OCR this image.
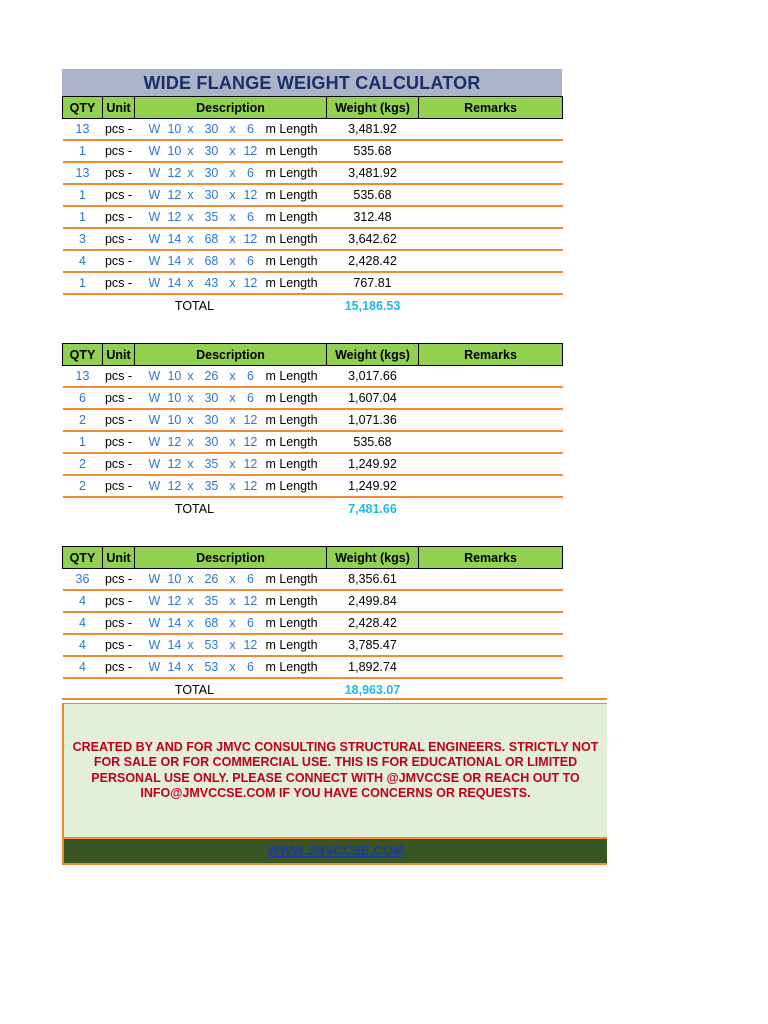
WIDE FLANGE WEIGHT CALCULATOR
QTY	Unit	Description	Weight (kgs)	Remarks
13	pcs -	W 10 x 30 x 6 m Length	3,481.92	
1	pcs -	W 10 x 30 x 12 m Length	535.68	
13	pcs -	W 12 x 30 x 6 m Length	3,481.92	
1	pcs -	W 12 x 30 x 12 m Length	535.68	
1	pcs -	W 12 x 35 x 6 m Length	312.48	
3	pcs -	W 14 x 68 x 12 m Length	3,642.62	
4	pcs -	W 14 x 68 x 6 m Length	2,428.42	
1	pcs -	W 14 x 43 x 12 m Length	767.81	
TOTAL			15,186.53	
QTY	Unit	Description	Weight (kgs)	Remarks
13	pcs -	W 10 x 26 x 6 m Length	3,017.66	
6	pcs -	W 10 x 30 x 6 m Length	1,607.04	
2	pcs -	W 10 x 30 x 12 m Length	1,071.36	
1	pcs -	W 12 x 30 x 12 m Length	535.68	
2	pcs -	W 12 x 35 x 12 m Length	1,249.92	
2	pcs -	W 12 x 35 x 12 m Length	1,249.92	
TOTAL			7,481.66	
QTY	Unit	Description	Weight (kgs)	Remarks
36	pcs -	W 10 x 26 x 6 m Length	8,356.61	
4	pcs -	W 12 x 35 x 12 m Length	2,499.84	
4	pcs -	W 14 x 68 x 6 m Length	2,428.42	
4	pcs -	W 14 x 53 x 12 m Length	3,785.47	
4	pcs -	W 14 x 53 x 6 m Length	1,892.74	
TOTAL			18,963.07	
CREATED BY AND FOR JMVC CONSULTING STRUCTURAL ENGINEERS. STRICTLY NOT FOR SALE OR FOR COMMERCIAL USE. THIS IS FOR EDUCATIONAL OR LIMITED PERSONAL USE ONLY. PLEASE CONNECT WITH @JMVCCSE OR REACH OUT TO INFO@JMVCCSE.COM IF YOU HAVE CONCERNS OR REQUESTS.
WWW.JMVCCSE.COM
